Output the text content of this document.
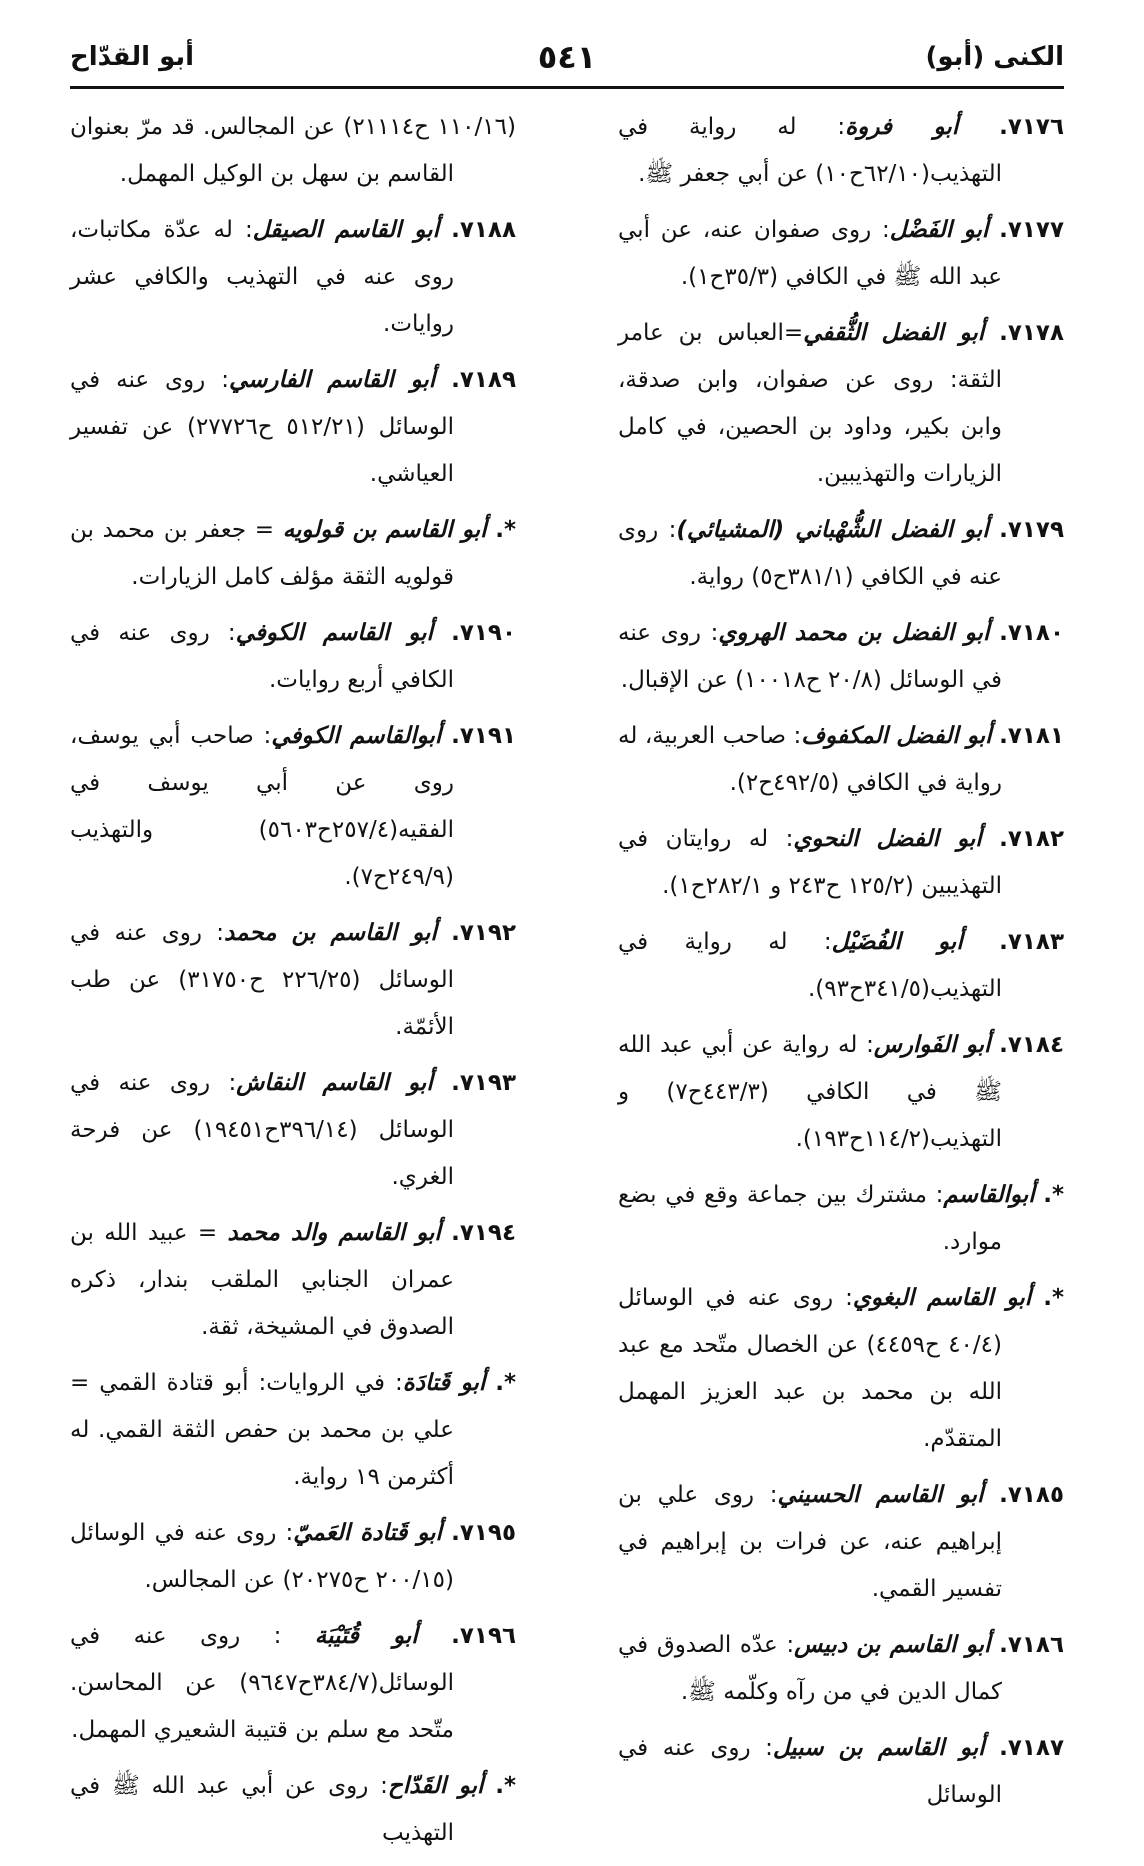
الكنى (أبو)
٥٤١
أبو القدّاح

٧١٧٦. أبو فروة: له رواية في التهذيب(٦٢/١٠ح١٠) عن أبي جعفر ﷺ.

٧١٧٧. أبو الفَضْل: روى صفوان عنه، عن أبي عبد الله ﷺ في الكافي (٣٥/٣ح١).

٧١٧٨. أبو الفضل الثُّقفي=العباس بن عامر الثقة: روى عن صفوان، وابن صدقة، وابن بكير، وداود بن الحصين، في كامل الزيارات والتهذيبين.

٧١٧٩. أبو الفضل الشُّهْباني (المشيائي): روى عنه في الكافي (٣٨١/١ح٥) رواية.

٧١٨٠. أبو الفضل بن محمد الهروي: روى عنه في الوسائل (٢٠/٨ ح١٠٠١٨) عن الإقبال.

٧١٨١. أبو الفضل المكفوف: صاحب العربية، له رواية في الكافي (٤٩٢/٥ح٢).

٧١٨٢. أبو الفضل النحوي: له روايتان في التهذيبين (١٢٥/٢ ح٢٤٣ و ٢٨٢/١ح١).

٧١٨٣. أبو الفُضَيْل: له رواية في التهذيب(٣٤١/٥ح٩٣).

٧١٨٤. أبو الفَوارس: له رواية عن أبي عبد الله ﷺ في الكافي (٤٤٣/٣ح٧) و التهذيب(١١٤/٢ح١٩٣).

*. أبوالقاسم: مشترك بين جماعة وقع في بضع موارد.

*. أبو القاسم البغوي: روى عنه في الوسائل (٤٠/٤ ح٤٤٥٩) عن الخصال متّحد مع عبد الله بن محمد بن عبد العزيز المهمل المتقدّم.

٧١٨٥. أبو القاسم الحسيني: روى علي بن إبراهيم عنه، عن فرات بن إبراهيم في تفسير القمي.

٧١٨٦. أبو القاسم بن دبيس: عدّه الصدوق في كمال الدين في من رآه وكلّمه ﷺ.

٧١٨٧. أبو القاسم بن سبيل: روى عنه في الوسائل

(١١٠/١٦ ح٢١١١٤) عن المجالس. قد مرّ بعنوان القاسم بن سهل بن الوكيل المهمل.

٧١٨٨. أبو القاسم الصيقل: له عدّة مكاتبات، روى عنه في التهذيب والكافي عشر روايات.

٧١٨٩. أبو القاسم الفارسي: روى عنه في الوسائل (٥١٢/٢١ ح٢٧٧٢٦) عن تفسير العياشي.

*. أبو القاسم بن قولويه = جعفر بن محمد بن قولويه الثقة مؤلف كامل الزيارات.

٧١٩٠. أبو القاسم الكوفي: روى عنه في الكافي أربع روايات.

٧١٩١. أبوالقاسم الكوفي: صاحب أبي يوسف، روى عن أبي يوسف في الفقيه(٢٥٧/٤ح٥٦٠٣) والتهذيب (٢٤٩/٩ح٧).

٧١٩٢. أبو القاسم بن محمد: روى عنه في الوسائل (٢٢٦/٢٥ ح٣١٧٥٠) عن طب الأئمّة.

٧١٩٣. أبو القاسم النقاش: روى عنه في الوسائل (٣٩٦/١٤ح١٩٤٥١) عن فرحة الغري.

٧١٩٤. أبو القاسم والد محمد = عبيد الله بن عمران الجنابي الملقب بندار، ذكره الصدوق في المشيخة، ثقة.

*. أبو قَتادَة: في الروايات: أبو قتادة القمي = علي بن محمد بن حفص الثقة القمي. له أكثرمن ١٩ رواية.

٧١٩٥. أبو قَتادة العَميّ: روى عنه في الوسائل (٢٠٠/١٥ ح٢٠٢٧٥) عن المجالس.

٧١٩٦. أبو قُتَيْبَة : روى عنه في الوسائل(٣٨٤/٧ح٩٦٤٧) عن المحاسن. متّحد مع سلم بن قتيبة الشعيري المهمل.

*. أبو القَدّاح: روى عن أبي عبد الله ﷺ في التهذيب
